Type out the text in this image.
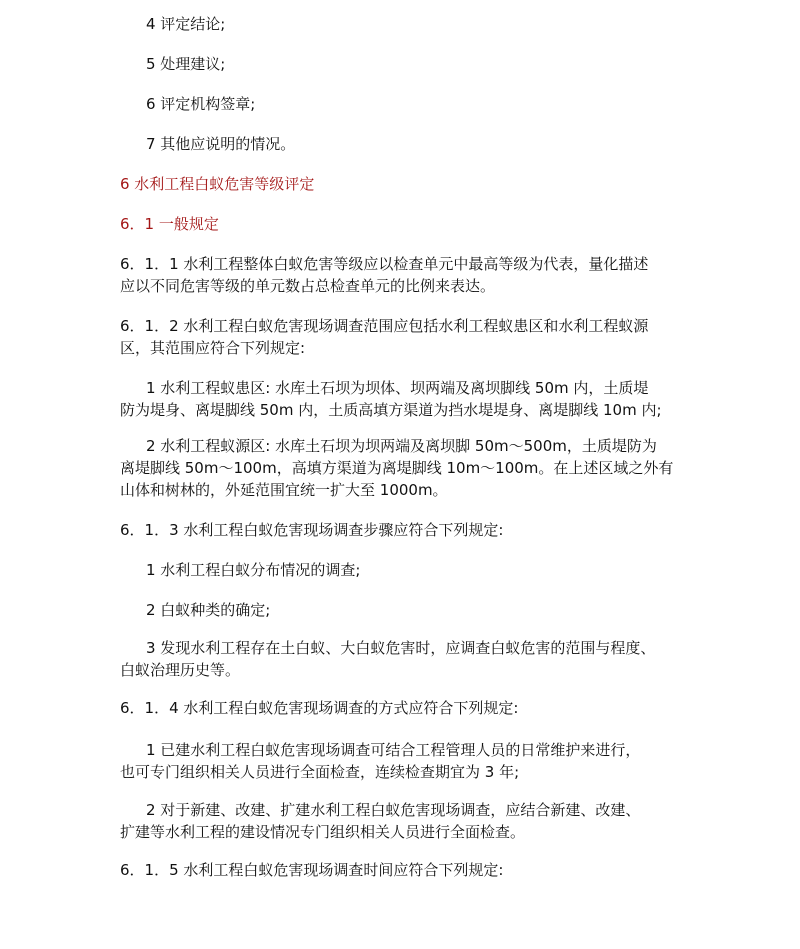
4 评定结论;
5 处理建议;
6 评定机构签章;
7 其他应说明的情况。
6 水利工程白蚁危害等级评定
6．1 一般规定
6．1．1 水利工程整体白蚁危害等级应以检查单元中最高等级为代表，量化描述
应以不同危害等级的单元数占总检查单元的比例来表达。
6．1．2 水利工程白蚁危害现场调查范围应包括水利工程蚁患区和水利工程蚁源
区，其范围应符合下列规定:
1 水利工程蚁患区: 水库土石坝为坝体、坝两端及离坝脚线 50m 内，土质堤
防为堤身、离堤脚线 50m 内，土质高填方渠道为挡水堤堤身、离堤脚线 10m 内;
2 水利工程蚁源区: 水库土石坝为坝两端及离坝脚 50m～500m，土质堤防为
离堤脚线 50m～100m，高填方渠道为离堤脚线 10m～100m。在上述区域之外有
山体和树林的，外延范围宜统一扩大至 1000m。
6．1．3 水利工程白蚁危害现场调查步骤应符合下列规定:
1 水利工程白蚁分布情况的调查;
2 白蚁种类的确定;
3 发现水利工程存在土白蚁、大白蚁危害时，应调查白蚁危害的范围与程度、
白蚁治理历史等。
6．1．4 水利工程白蚁危害现场调查的方式应符合下列规定:
1 已建水利工程白蚁危害现场调查可结合工程管理人员的日常维护来进行，
也可专门组织相关人员进行全面检查，连续检查期宜为 3 年;
2 对于新建、改建、扩建水利工程白蚁危害现场调查，应结合新建、改建、
扩建等水利工程的建设情况专门组织相关人员进行全面检查。
6．1．5 水利工程白蚁危害现场调查时间应符合下列规定:
